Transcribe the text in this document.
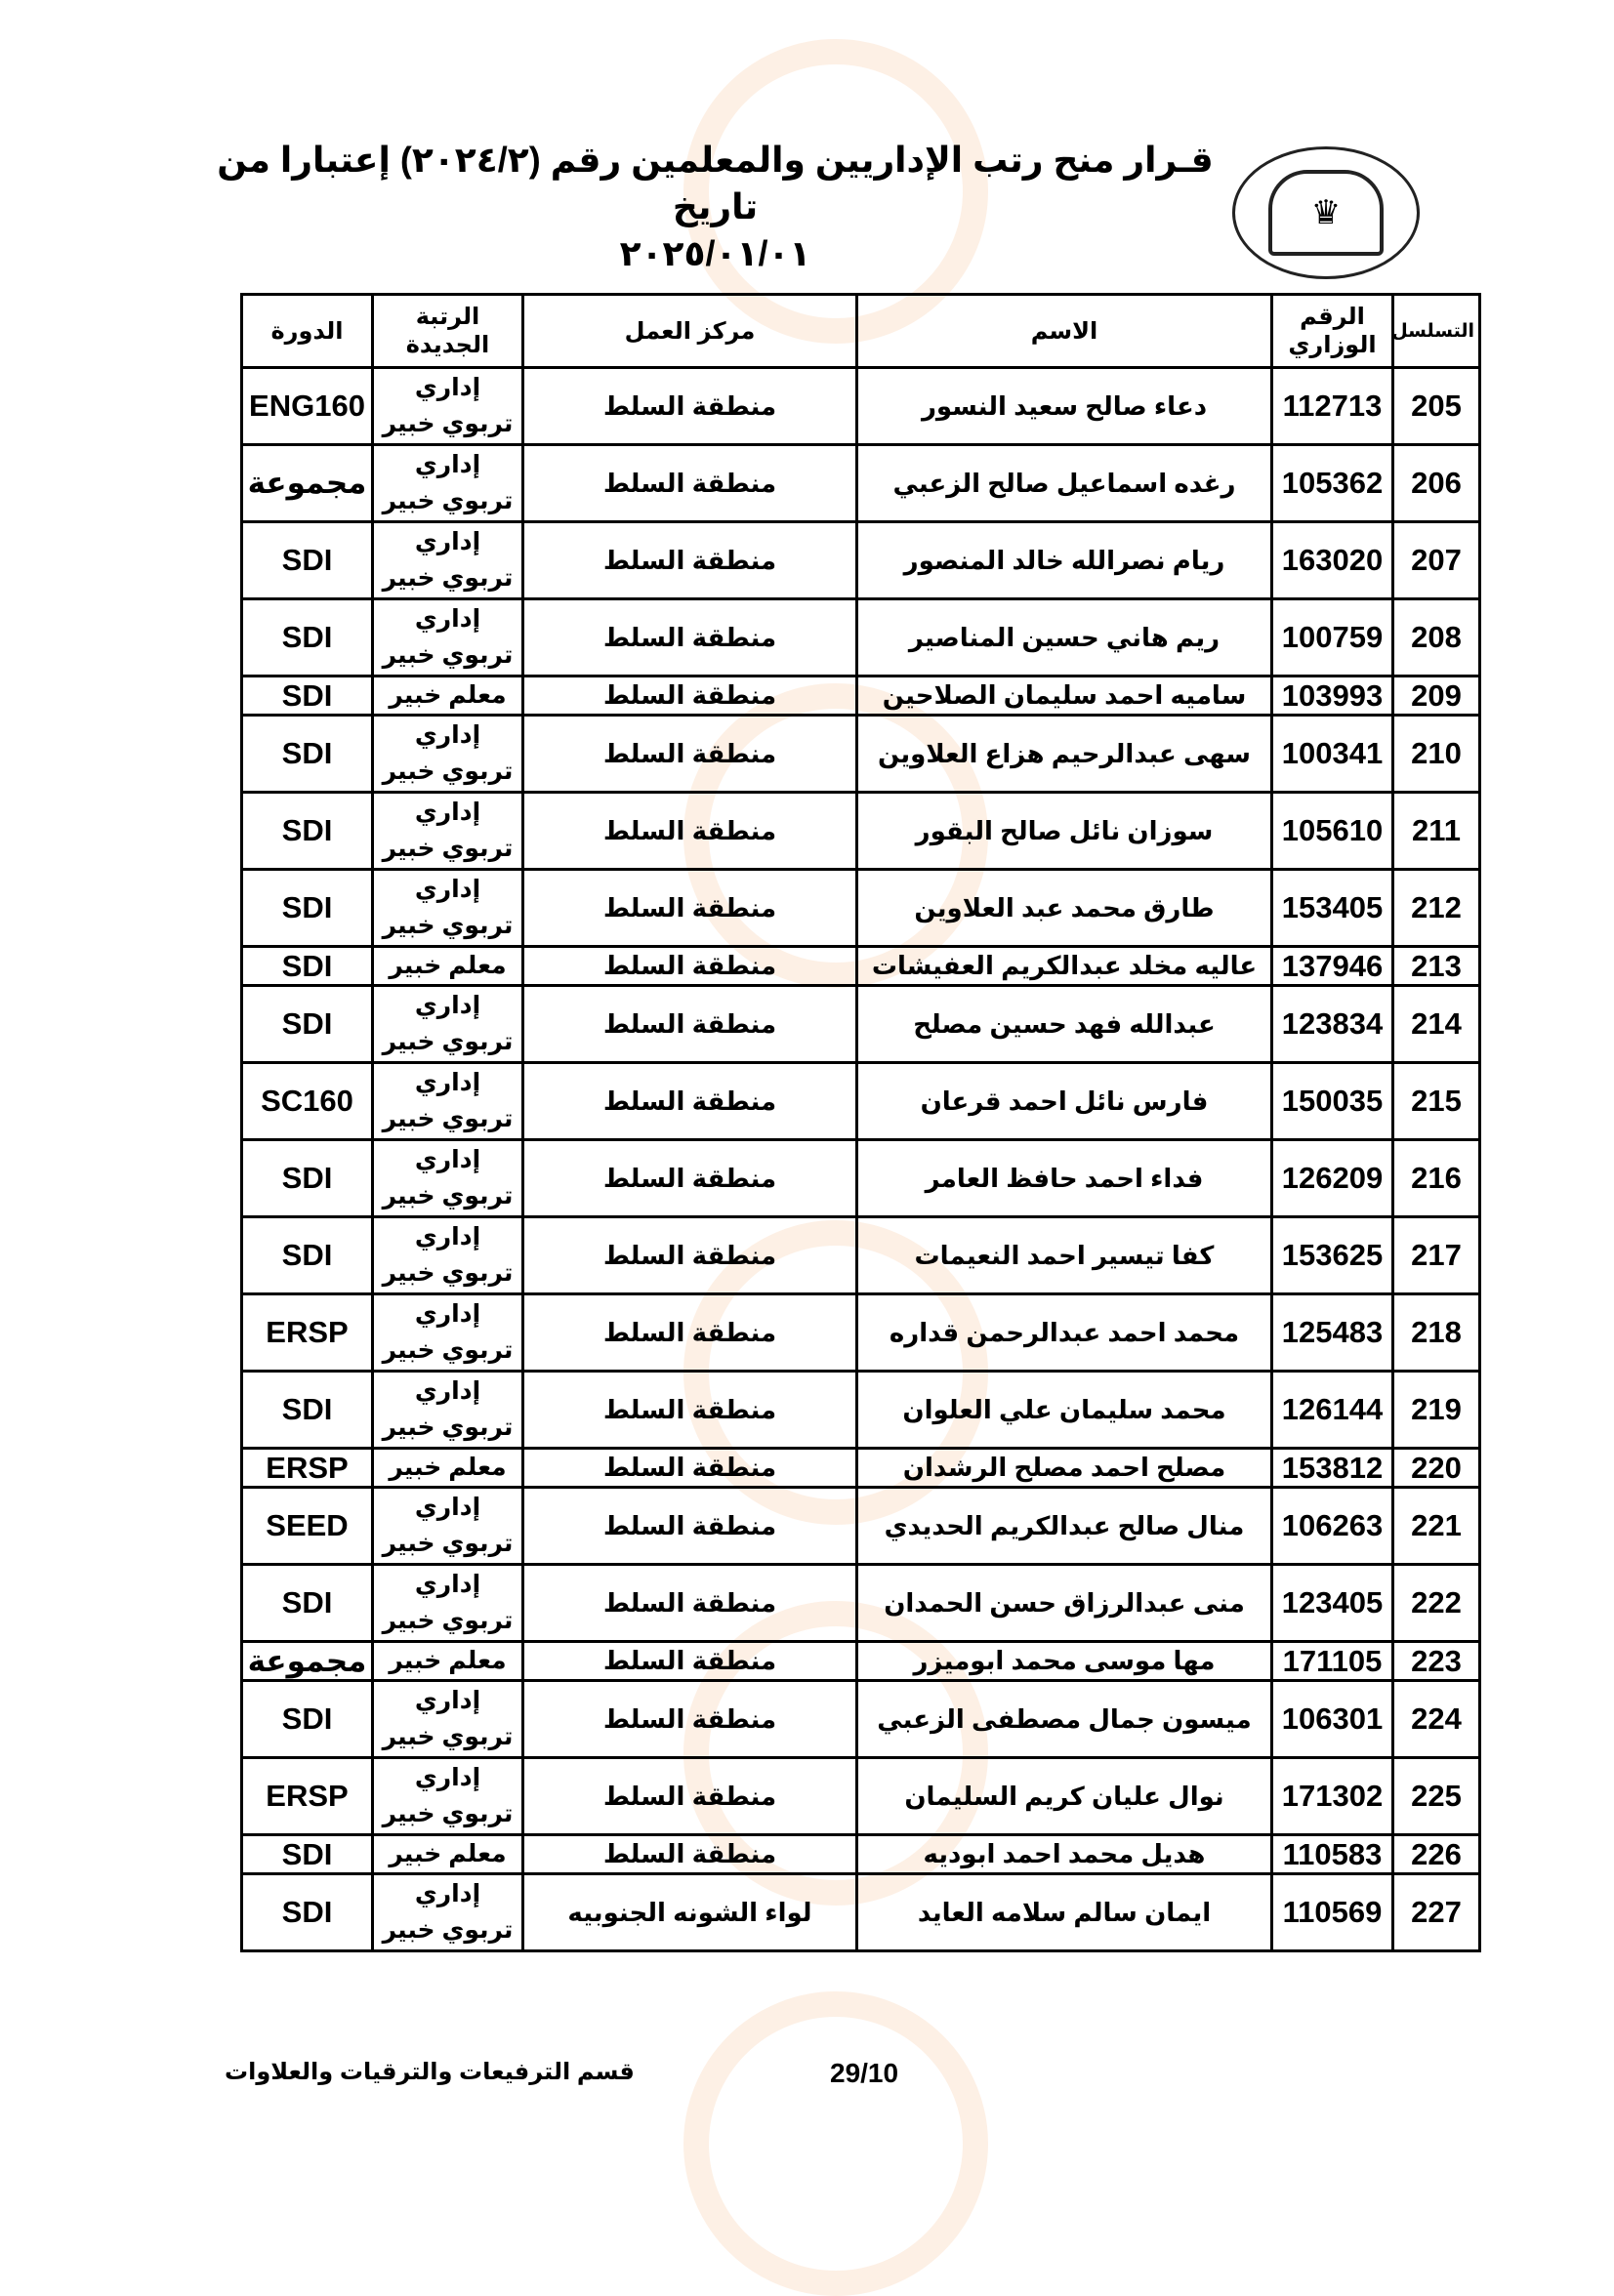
♛
قـرار منح رتب الإداريين والمعلمين رقم (٢٠٢٤/٢) إعتبارا من تاريخ
٢٠٢٥/٠١/٠١
التسلسل	الرقم الوزاري	الاسم	مركز العمل	الرتبة الجديدة	الدورة
205	112713	دعاء صالح سعيد النسور	منطقة السلط	إداري تربوي خبير	ENG160
206	105362	رغده اسماعيل صالح الزعبي	منطقة السلط	إداري تربوي خبير	مجموعة
207	163020	ريام نصرالله خالد المنصور	منطقة السلط	إداري تربوي خبير	SDI
208	100759	ريم هاني حسين المناصير	منطقة السلط	إداري تربوي خبير	SDI
209	103993	ساميه احمد سليمان الصلاحين	منطقة السلط	معلم خبير	SDI
210	100341	سهى عبدالرحيم هزاع العلاوين	منطقة السلط	إداري تربوي خبير	SDI
211	105610	سوزان نائل صالح البقور	منطقة السلط	إداري تربوي خبير	SDI
212	153405	طارق محمد عبد العلاوين	منطقة السلط	إداري تربوي خبير	SDI
213	137946	عاليه مخلد عبدالكريم العفيشات	منطقة السلط	معلم خبير	SDI
214	123834	عبدالله فهد حسين مصلح	منطقة السلط	إداري تربوي خبير	SDI
215	150035	فارس نائل احمد قرعان	منطقة السلط	إداري تربوي خبير	SC160
216	126209	فداء احمد حافظ العامر	منطقة السلط	إداري تربوي خبير	SDI
217	153625	كفا تيسير احمد النعيمات	منطقة السلط	إداري تربوي خبير	SDI
218	125483	محمد احمد عبدالرحمن قداره	منطقة السلط	إداري تربوي خبير	ERSP
219	126144	محمد سليمان علي العلوان	منطقة السلط	إداري تربوي خبير	SDI
220	153812	مصلح احمد مصلح الرشدان	منطقة السلط	معلم خبير	ERSP
221	106263	منال صالح عبدالكريم الحديدي	منطقة السلط	إداري تربوي خبير	SEED
222	123405	منى عبدالرزاق حسن الحمدان	منطقة السلط	إداري تربوي خبير	SDI
223	171105	مها موسى محمد ابوميزر	منطقة السلط	معلم خبير	مجموعة
224	106301	ميسون جمال مصطفى الزعبي	منطقة السلط	إداري تربوي خبير	SDI
225	171302	نوال عليان كريم السليمان	منطقة السلط	إداري تربوي خبير	ERSP
226	110583	هديل محمد احمد ابوديه	منطقة السلط	معلم خبير	SDI
227	110569	ايمان سالم سلامه العايد	لواء الشونه الجنوبيه	إداري تربوي خبير	SDI
قسم الترفيعات والترقيات والعلاوات	29/10
